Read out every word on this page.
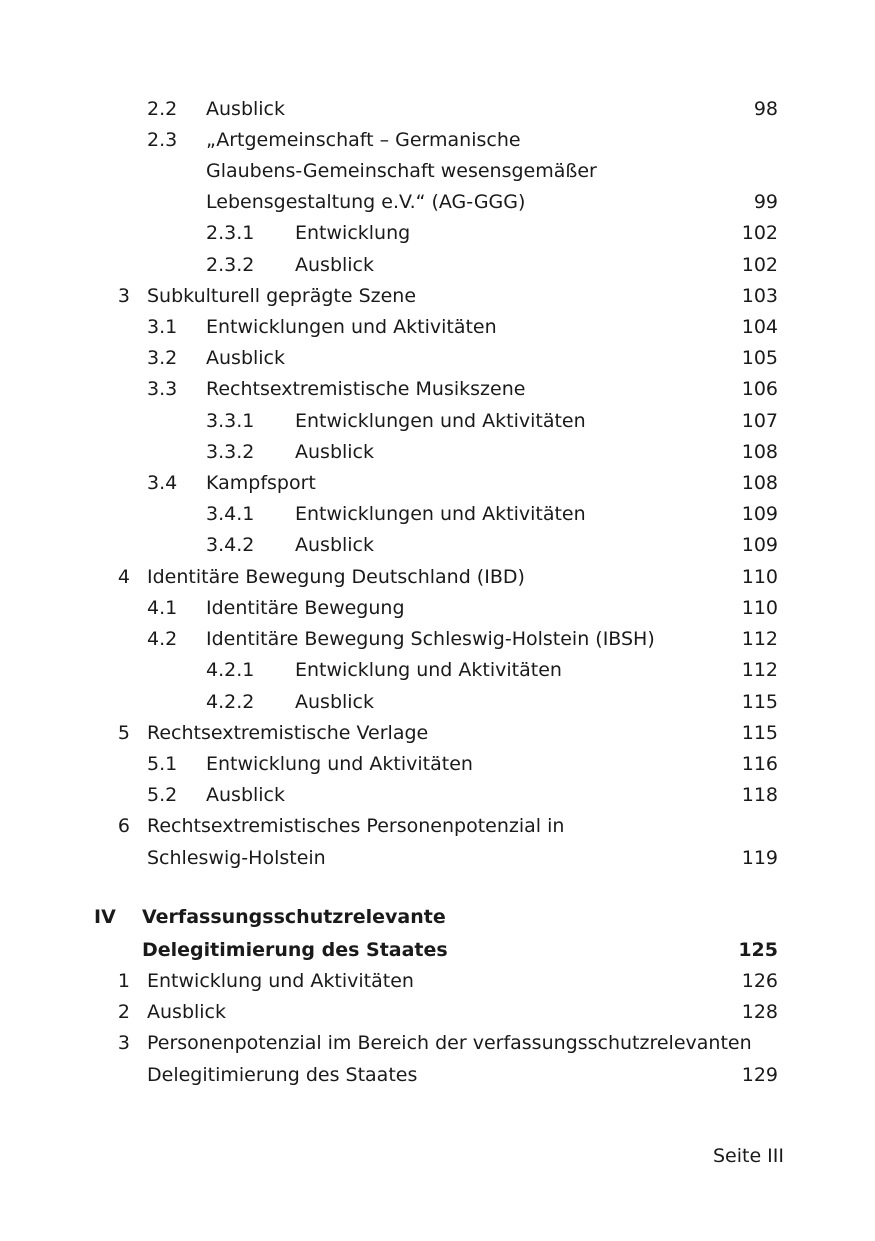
2.2 Ausblick	98
2.3 „Artgemeinschaft – Germanische
Glaubens-Gemeinschaft wesensgemäßer
Lebensgestaltung e.V.“ (AG-GGG)	99
2.3.1 Entwicklung	102
2.3.2 Ausblick	102
3 Subkulturell geprägte Szene	103
3.1 Entwicklungen und Aktivitäten	104
3.2 Ausblick	105
3.3 Rechtsextremistische Musikszene	106
3.3.1 Entwicklungen und Aktivitäten	107
3.3.2 Ausblick	108
3.4 Kampfsport	108
3.4.1 Entwicklungen und Aktivitäten	109
3.4.2 Ausblick	109
4 Identitäre Bewegung Deutschland (IBD)	110
4.1 Identitäre Bewegung	110
4.2 Identitäre Bewegung Schleswig-Holstein (IBSH)	112
4.2.1 Entwicklung und Aktivitäten	112
4.2.2 Ausblick	115
5 Rechtsextremistische Verlage	115
5.1 Entwicklung und Aktivitäten	116
5.2 Ausblick	118
6 Rechtsextremistisches Personenpotenzial in
Schleswig-Holstein	119
IV Verfassungsschutzrelevante
Delegitimierung des Staates	125
1 Entwicklung und Aktivitäten	126
2 Ausblick	128
3 Personenpotenzial im Bereich der verfassungsschutzrelevanten
Delegitimierung des Staates	129
Seite III
